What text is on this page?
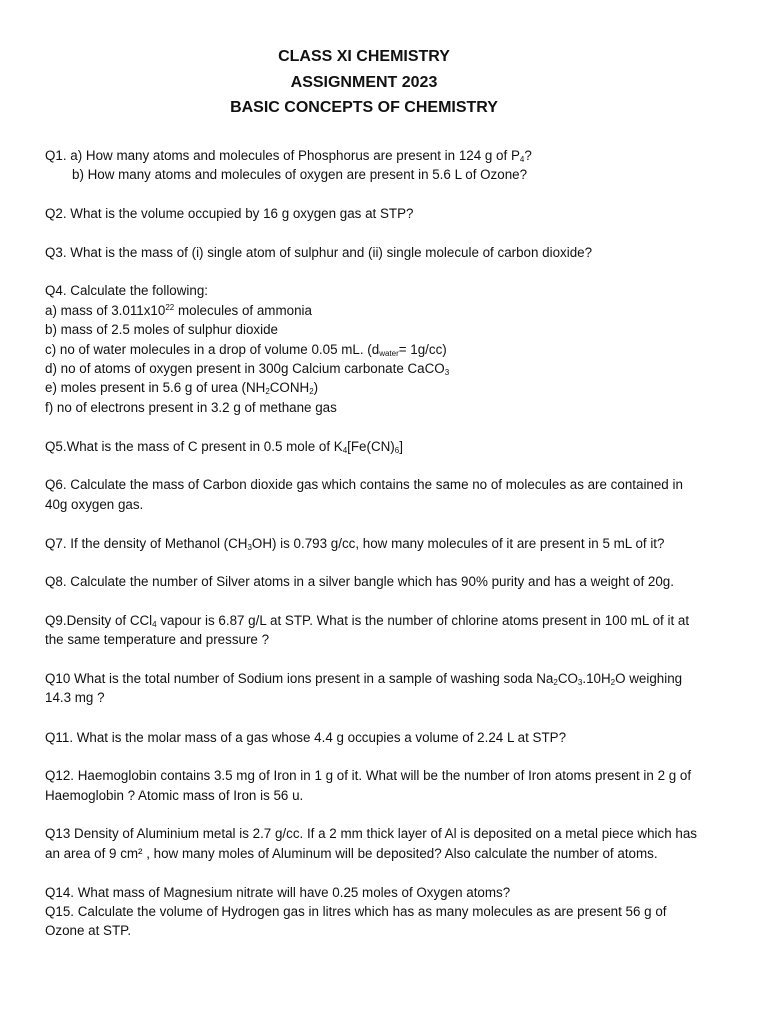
CLASS XI CHEMISTRY
ASSIGNMENT 2023
BASIC CONCEPTS OF CHEMISTRY
Q1. a) How many atoms and molecules of Phosphorus are present in 124 g of $P_4$?
b) How many atoms and molecules of oxygen are present in 5.6 L of Ozone?
Q2. What is the volume occupied by 16 g oxygen gas at STP?
Q3. What is the mass of (i) single atom of sulphur and (ii) single molecule of carbon dioxide?
Q4. Calculate the following:
a) mass of $3.011x10^{22}$ molecules of ammonia
b) mass of 2.5 moles of sulphur dioxide
c) no of water molecules in a drop of volume 0.05 mL. $(d_{water}= 1g/cc)$
d) no of atoms of oxygen present in 300g Calcium carbonate CaCO$_3$
e) moles present in 5.6 g of urea $(NH_2CONH_2)$
f) no of electrons present in 3.2 g of methane gas
Q5.What is the mass of C present in 0.5 mole of $K_4[Fe(CN)_6]$
Q6. Calculate the mass of Carbon dioxide gas which contains the same no of molecules as are contained in
40g oxygen gas.
Q7. If the density of Methanol $(CH_3OH)$ is 0.793 g/cc, how many molecules of it are present in 5 mL of it?
Q8. Calculate the number of Silver atoms in a silver bangle which has 90% purity and has a weight of 20g.
Q9.Density of CCl$_4$ vapour is 6.87 g/L at STP. What is the number of chlorine atoms present in 100 mL of it at
the same temperature and pressure ?
Q10 What is the total number of Sodium ions present in a sample of washing soda $Na_2CO_3.10H_2O$ weighing
14.3 mg ?
Q11. What is the molar mass of a gas whose 4.4 g occupies a volume of 2.24 L at STP?
Q12. Haemoglobin contains 3.5 mg of Iron in 1 g of it. What will be the number of Iron atoms present in 2 g of
Haemoglobin ? Atomic mass of Iron is 56 u.
Q13 Density of Aluminium metal is 2.7 g/cc. If a 2 mm thick layer of Al is deposited on a metal piece which has
an area of 9 cm² , how many moles of Aluminum will be deposited? Also calculate the number of atoms.
Q14. What mass of Magnesium nitrate will have 0.25 moles of Oxygen atoms?
Q15. Calculate the volume of Hydrogen gas in litres which has as many molecules as are present 56 g of
Ozone at STP.
